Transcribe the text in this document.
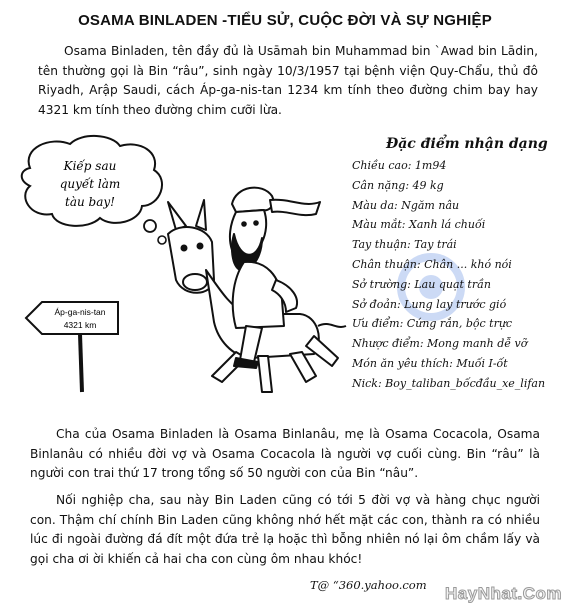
OSAMA BINLADEN -TIỂU SỬ, CUỘC ĐỜI VÀ SỰ NGHIỆP

Osama Binladen, tên đầy đủ là Usāmah bin Muhammad bin `Awad bin Lādin, tên thường gọi là Bin “râu”, sinh ngày 10/3/1957 tại bệnh viện Quy-Chẩu, thủ đô Riyadh, Arập Saudi, cách Áp-ga-nis-tan 1234 km tính theo đường chim bay hay 4321 km tính theo đường chim cưỡi lừa.

Kiếp sau
quyết làm
tàu bay!
Áp-ga-nis-tan
4321 km
Đặc điểm nhận dạng
Chiều cao: 1m94
Cân nặng: 49 kg
Màu da: Ngăm nâu
Màu mắt: Xanh lá chuối
Tay thuận: Tay trái
Chân thuận: Chân ... khó nói
Sở trường: Lau quạt trần
Sở đoản: Lung lay trước gió
Ưu điểm: Cứng rắn, bộc trực
Nhược điểm: Mong manh dễ vỡ
Món ăn yêu thích: Muối I-ốt
Nick: Boy_taliban_bốcđầu_xe_lifan

Cha của Osama Binladen là Osama Binlanâu, mẹ là Osama Cocacola, Osama Binlanâu có nhiều đời vợ và Osama Cocacola là người vợ cuối cùng. Bin “râu” là người con trai thứ 17 trong tổng số 50 người con của Bin “nâu”.

Nối nghiệp cha, sau này Bin Laden cũng có tới 5 đời vợ và hàng chục người con. Thậm chí chính Bin Laden cũng không nhớ hết mặt các con, thành ra có nhiều lúc đi ngoài đường đá đít một đứa trẻ lạ hoặc thì bỗng nhiên nó lại ôm chầm lấy và gọi cha ơi ời khiến cả hai cha con cùng ôm nhau khóc!

T@ “360.yahoo.com HayNhat.Com
